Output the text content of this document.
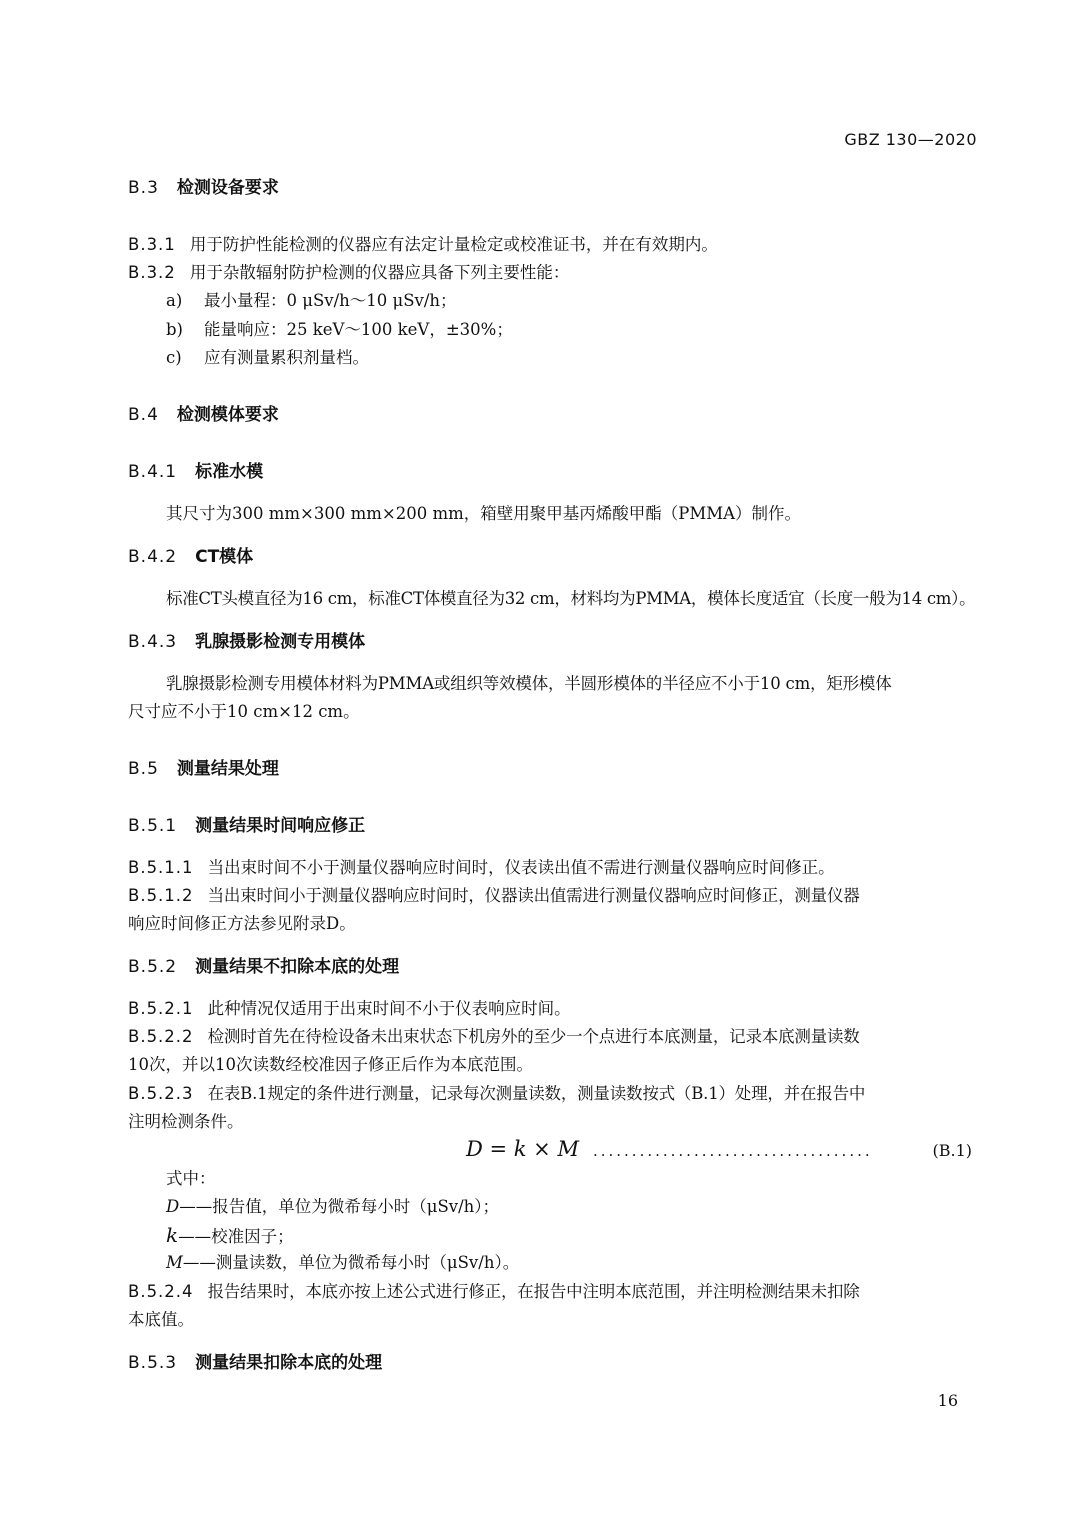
GBZ 130—2020
B.3 检测设备要求
B.3.1 用于防护性能检测的仪器应有法定计量检定或校准证书，并在有效期内。
B.3.2 用于杂散辐射防护检测的仪器应具备下列主要性能：
a) 最小量程：0 μSv/h～10 μSv/h；
b) 能量响应：25 keV～100 keV，±30%；
c) 应有测量累积剂量档。
B.4 检测模体要求
B.4.1 标准水模
其尺寸为300 mm×300 mm×200 mm，箱壁用聚甲基丙烯酸甲酯（PMMA）制作。
B.4.2 CT模体
标准CT头模直径为16 cm，标准CT体模直径为32 cm，材料均为PMMA，模体长度适宜（长度一般为14 cm）。
B.4.3 乳腺摄影检测专用模体
乳腺摄影检测专用模体材料为PMMA或组织等效模体，半圆形模体的半径应不小于10 cm，矩形模体
尺寸应不小于10 cm×12 cm。
B.5 测量结果处理
B.5.1 测量结果时间响应修正
B.5.1.1 当出束时间不小于测量仪器响应时间时，仪表读出值不需进行测量仪器响应时间修正。
B.5.1.2 当出束时间小于测量仪器响应时间时，仪器读出值需进行测量仪器响应时间修正，测量仪器
响应时间修正方法参见附录D。
B.5.2 测量结果不扣除本底的处理
B.5.2.1 此种情况仅适用于出束时间不小于仪表响应时间。
B.5.2.2 检测时首先在待检设备未出束状态下机房外的至少一个点进行本底测量，记录本底测量读数
10次，并以10次读数经校准因子修正后作为本底范围。
B.5.2.3 在表B.1规定的条件进行测量，记录每次测量读数，测量读数按式（B.1）处理，并在报告中
注明检测条件。
D = k × M ....................................	(B.1)
式中：
D——报告值，单位为微希每小时（μSv/h）；
k——校准因子；
M——测量读数，单位为微希每小时（μSv/h）。
B.5.2.4 报告结果时，本底亦按上述公式进行修正，在报告中注明本底范围，并注明检测结果未扣除
本底值。
B.5.3 测量结果扣除本底的处理
16
